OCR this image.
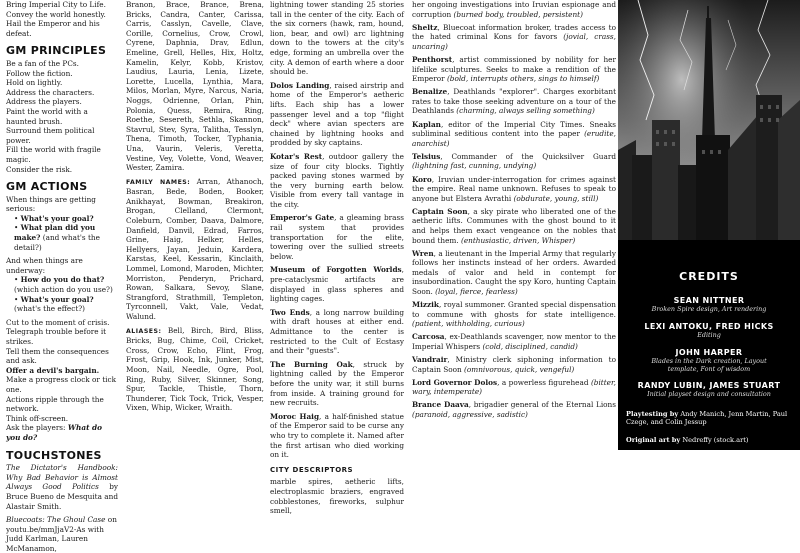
Bring Imperial City to Life.
Convey the world honestly.
Hail the Emperor and his defeat.
GM PRINCIPLES
Be a fan of the PCs.
Follow the fiction.
Hold on lightly.
Address the characters.
Address the players.
Paint the world with a haunted brush.
Surround them political power.
Fill the world with fragile magic.
Consider the risk.
GM ACTIONS
When things are getting serious:
• What's your goal?
• What plan did you make? (and what's the detail?)

And when things are underway:
• How do you do that? (which action do you use?)
• What's your goal? (what's the effect?)

Cut to the moment of crisis.
Telegraph trouble before it strikes.
Tell them the consequences and ask.
Offer a devil's bargain.
Make a progress clock or tick one.
Actions ripple through the network.
Think off-screen.
Ask the players: What do you do?
TOUCHSTONES

The Dictator's Handbook: Why Bad Behavior is Almost Always Good Politics by Bruce Bueno de Mesquita and Alastair Smith.

Bluecoats: The Ghoul Case on youtu.be/mmJjaV2-As with Judd Karlman, Lauren McManamon,

Branon, Brace, Brance, Brena, Bricks, Candra, Canter, Carissa, Carris, Casslyn, Cavelle, Clave, Corille, Cornelius, Crow, Crowl, Cyrene, Daphnia, Drav, Edlun, Emeline, Grell, Helles, Hix, Holtz, Kamelin, Kelyr, Kobb, Kristov, Laudius, Lauria, Lenia, Lizete, Lorette, Lucella, Lynthia, Mara, Milos, Morlan, Myre, Narcus, Naria, Noggs, Odrienne, Orlan, Phin, Polonia, Quess, Remira, Ring, Roethe, Sesereth, Sethla, Skannon, Stavrul, Stev, Syra, Talitha, Tesslyn, Thena, Timoth, Tocker, Typhania, Una, Vaurin, Veleris, Veretta, Vestine, Vey, Volette, Vond, Weaver, Wester, Zamira.

FAMILY NAMES: Arran, Athanoch, Basran, Bede, Boden, Booker, Anikhayat, Bowman, Breakiron, Brogan, Clelland, Clermont, Coleburn, Comber, Daava, Dalmore, Danfield, Danvil, Edrad, Farros, Grine, Haig, Helker, Helles, Hellyers, Jayan, Jeduin, Kardera, Karstas, Keel, Kessarin, Kinclaith, Lommel, Lomond, Maroden, Michter, Morriston, Penderyn, Prichard, Rowan, Salkara, Sevoy, Slane, Strangford, Strathmill, Templeton, Tyrconnell, Vakt, Vale, Vedat, Walund.

ALIASES: Bell, Birch, Bird, Bliss, Bricks, Bug, Chime, Coil, Cricket, Cross, Crow, Echo, Flint, Frog, Frost, Grip, Hook, Ink, Junker, Mist, Moon, Nail, Needle, Ogre, Pool, Ring, Ruby, Silver, Skinner, Song, Spur, Tackle, Thistle, Thorn, Thunderer, Tick Tock, Trick, Vesper, Vixen, Whip, Wicker, Wraith.

lightning tower standing 25 stories tall in the center of the city. Each of the six corners (hawk, ram, hound, lion, bear, and owl) arc lightning down to the towers at the city's edge, forming an umbrella over the city. A demon of earth where a door should be.

Dolos Landing, raised airstrip and home of the Emperor's aetheric lifts. Each ship has a lower passenger level and a top "flight deck" where avian specters are chained by lightning hooks and prodded by sky captains.

Kotar's Rest, outdoor gallery the size of four city blocks. Tightly packed paving stones warmed by the very burning earth below. Visible from every tall vantage in the city.

Emperor's Gate, a gleaming brass rail system that provides transportation for the elite, towering over the sullied streets below.

Museum of Forgotten Worlds, pre-cataclysmic artifacts are displayed in glass spheres and lighting cages.

Two Ends, a long narrow building with draft houses at either end. Admittance to the center is restricted to the Cult of Ecstasy and their "guests".

The Burning Oak, struck by lightning called by the Emperor before the unity war, it still burns from inside. A training ground for new recruits.

Moroc Haig, a half-finished statue of the Emperor said to be curse any who try to complete it. Named after the first artisan who died working on it.

CITY DESCRIPTORS

marble spires, aetheric lifts, electroplasmic braziers, engraved cobblestones, fireworks, sulphur smell,

her ongoing investigations into Iruvian espionage and corruption (burned body, troubled, persistent)

Sheltz, Bluecoat information broker, trades access to the hated criminal Kons for favors (jovial, crass, uncaring)

Penthorst, artist commissioned by nobility for her lifelike sculptures. Seeks to make a rendition of the Emperor (bold, interrupts others, sings to himself)

Benalize, Deathlands "explorer". Charges exorbitant rates to take those seeking adventure on a tour of the Deathlands (charming, always selling something)

Kaplan, editor of the Imperial City Times. Sneaks subliminal seditious content into the paper (erudite, anarchist)

Telsius, Commander of the Quicksilver Guard (lightning fast, cunning, undying)

Koro, Iruvian under-interrogation for crimes against the empire. Real name unknown. Refuses to speak to anyone but Elstera Avrathi (obdurate, young, still)

Captain Soon, a sky pirate who liberated one of the aetheric lifts. Communes with the ghost bound to it and helps them exact vengeance on the nobles that bound them. (enthusiastic, driven, Whisper)

Wren, a lieutenant in the Imperial Army that regularly follows her instincts instead of her orders. Awarded medals of valor and held in contempt for insubordination. Caught the spy Koro, hunting Captain Soon. (loyal, fierce, fearless)

Mizzik, royal summoner. Granted special dispensation to commune with ghosts for state intelligence. (patient, withholding, curious)

Carcosa, ex-Deathlands scavenger, now mentor to the Imperial Whispers (cold, disciplined, candid)

Vandrair, Ministry clerk siphoning information to Captain Soon (omnivorous, quick, vengeful)

Lord Governor Dolos, a powerless figurehead (bitter, wary, intemperate)

Brance Daava, brigadier general of the Eternal Lions (paranoid, aggressive, sadistic)

CREDITS
SEAN NITTNER
Broken Spire design, Art rendering
LEXI ANTOKU, FRED HICKS
Editing
JOHN HARPER
Blades in the Dark creation, Layout template, Font of wisdom
RANDY LUBIN, JAMES STUART
Initial playset design and consultation
Playtesting by Andy Manich, Jenn Martin, Paul Czege, and Colin Jessup
Original art by Nedreffy (stock.art)
